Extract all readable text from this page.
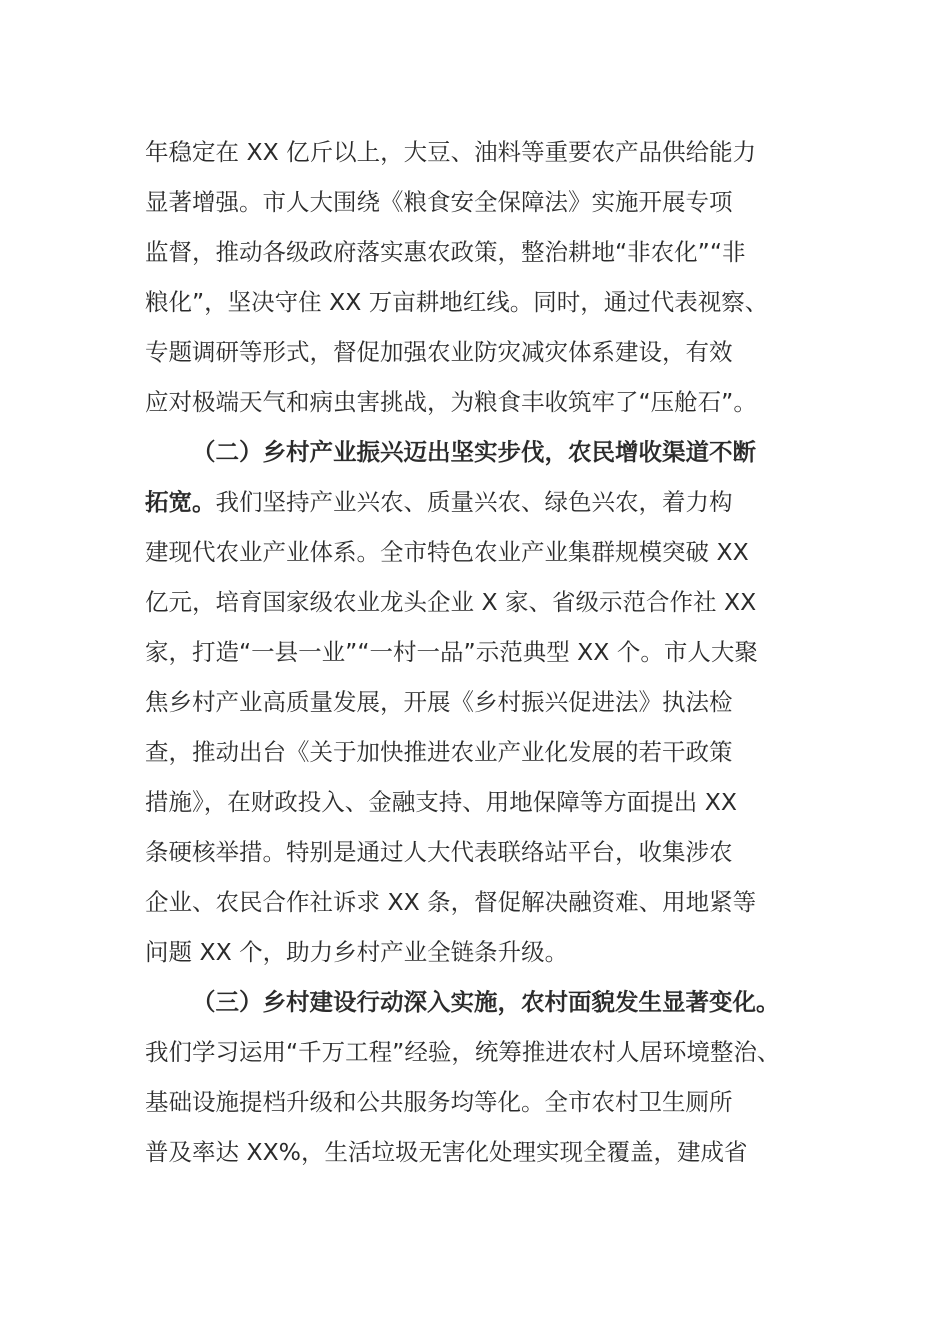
年稳定在 XX 亿斤以上，大豆、油料等重要农产品供给能力
显著增强。市人大围绕《粮食安全保障法》实施开展专项
监督，推动各级政府落实惠农政策，整治耕地“非农化”“非
粮化”，坚决守住 XX 万亩耕地红线。同时，通过代表视察、
专题调研等形式，督促加强农业防灾减灾体系建设，有效
应对极端天气和病虫害挑战，为粮食丰收筑牢了“压舱石”。
（二）乡村产业振兴迈出坚实步伐，农民增收渠道不断
拓宽。我们坚持产业兴农、质量兴农、绿色兴农，着力构
建现代农业产业体系。全市特色农业产业集群规模突破 XX
亿元，培育国家级农业龙头企业 X 家、省级示范合作社 XX
家，打造“一县一业”“一村一品”示范典型 XX 个。市人大聚
焦乡村产业高质量发展，开展《乡村振兴促进法》执法检
查，推动出台《关于加快推进农业产业化发展的若干政策
措施》，在财政投入、金融支持、用地保障等方面提出 XX
条硬核举措。特别是通过人大代表联络站平台，收集涉农
企业、农民合作社诉求 XX 条，督促解决融资难、用地紧等
问题 XX 个，助力乡村产业全链条升级。
（三）乡村建设行动深入实施，农村面貌发生显著变化。
我们学习运用“千万工程”经验，统筹推进农村人居环境整治、
基础设施提档升级和公共服务均等化。全市农村卫生厕所
普及率达 XX%，生活垃圾无害化处理实现全覆盖，建成省
